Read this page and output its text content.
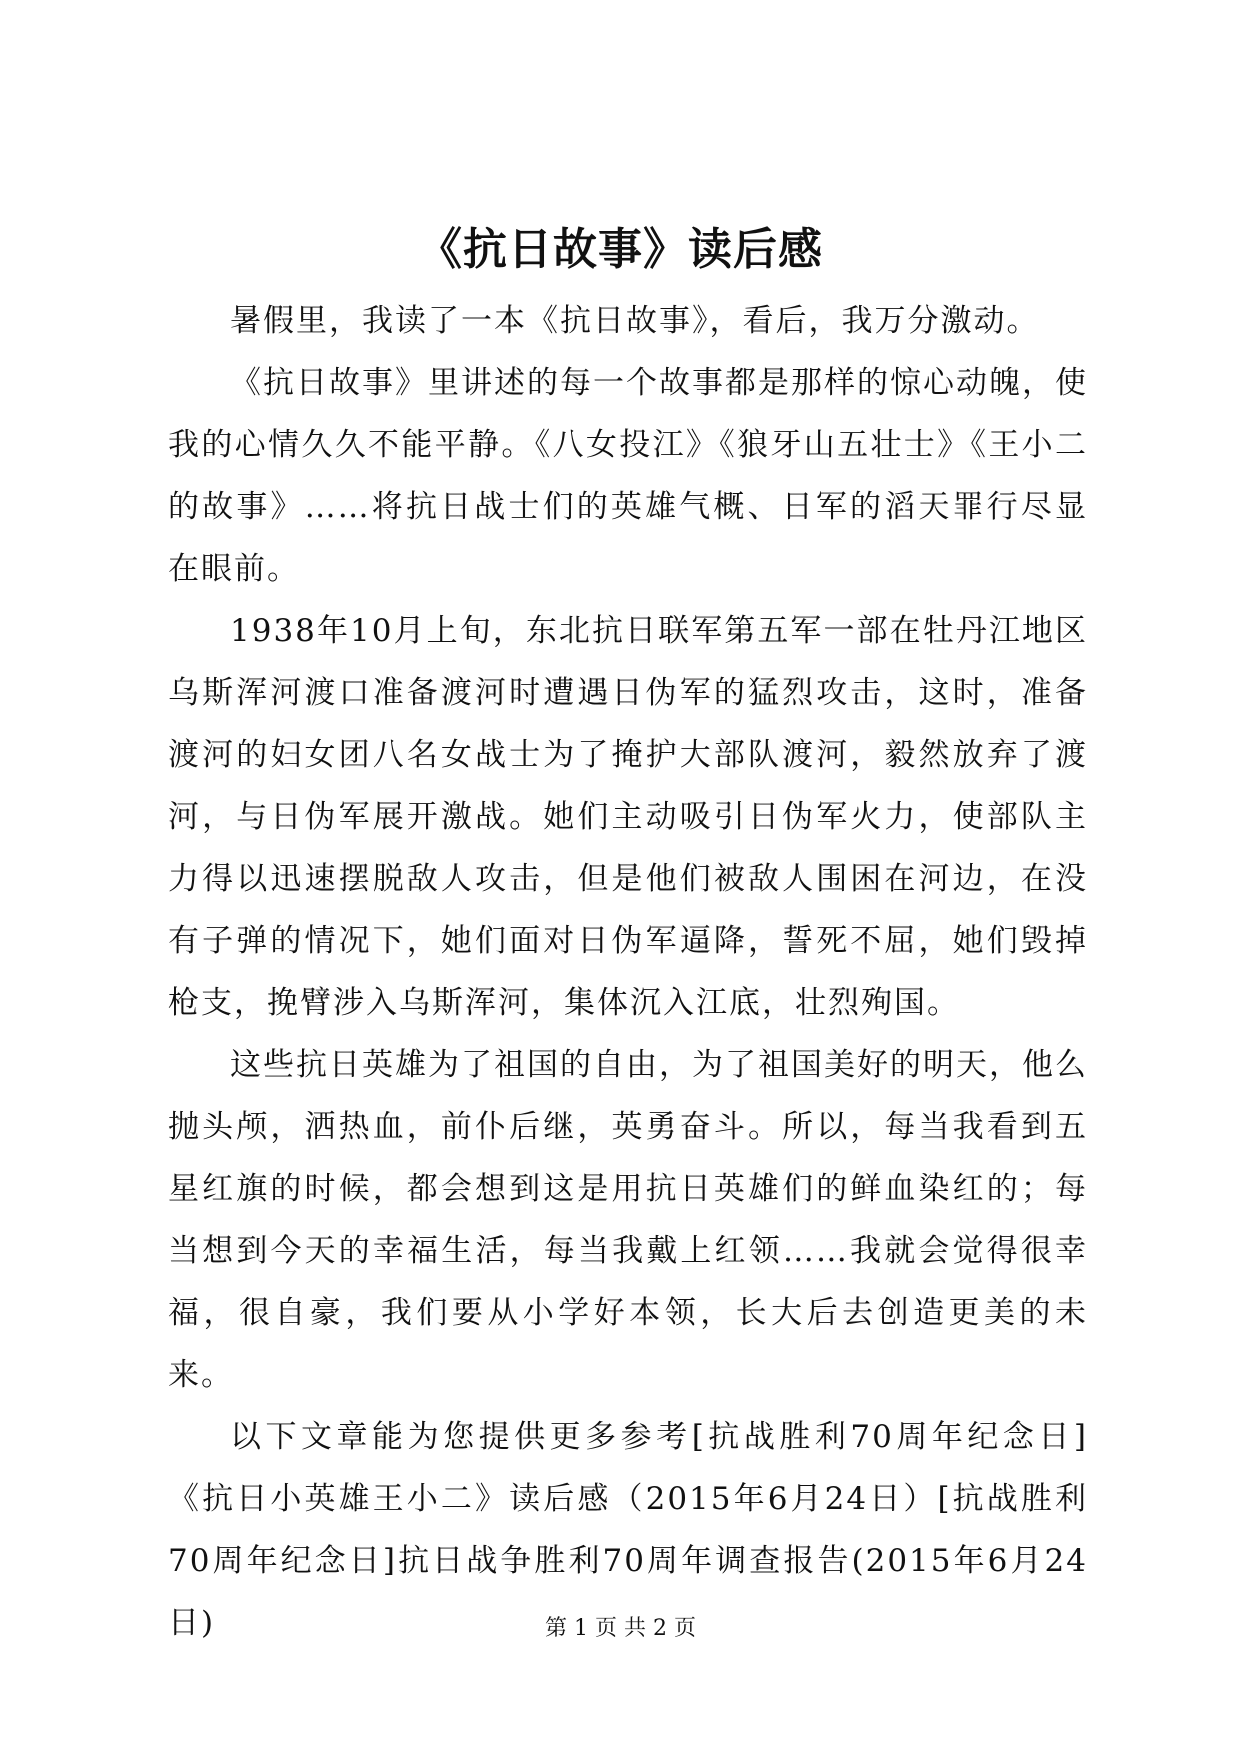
《抗日故事》读后感

暑假里，我读了一本《抗日故事》，看后，我万分激动。

《抗日故事》里讲述的每一个故事都是那样的惊心动魄，使我的心情久久不能平静。《八女投江》《狼牙山五壮士》《王小二的故事》……将抗日战士们的英雄气概、日军的滔天罪行尽显在眼前。

1938年10月上旬，东北抗日联军第五军一部在牡丹江地区乌斯浑河渡口准备渡河时遭遇日伪军的猛烈攻击，这时，准备渡河的妇女团八名女战士为了掩护大部队渡河，毅然放弃了渡河，与日伪军展开激战。她们主动吸引日伪军火力，使部队主力得以迅速摆脱敌人攻击，但是他们被敌人围困在河边，在没有子弹的情况下，她们面对日伪军逼降，誓死不屈，她们毁掉枪支，挽臂涉入乌斯浑河，集体沉入江底，壮烈殉国。

这些抗日英雄为了祖国的自由，为了祖国美好的明天，他么抛头颅，洒热血，前仆后继，英勇奋斗。所以，每当我看到五星红旗的时候，都会想到这是用抗日英雄们的鲜血染红的；每当想到今天的幸福生活，每当我戴上红领……我就会觉得很幸福，很自豪，我们要从小学好本领，长大后去创造更美的未来。

以下文章能为您提供更多参考[抗战胜利70周年纪念日]《抗日小英雄王小二》读后感（2015年6月24日）[抗战胜利70周年纪念日]抗日战争胜利70周年调查报告(2015年6月24日)	第 1 页 共 2 页
